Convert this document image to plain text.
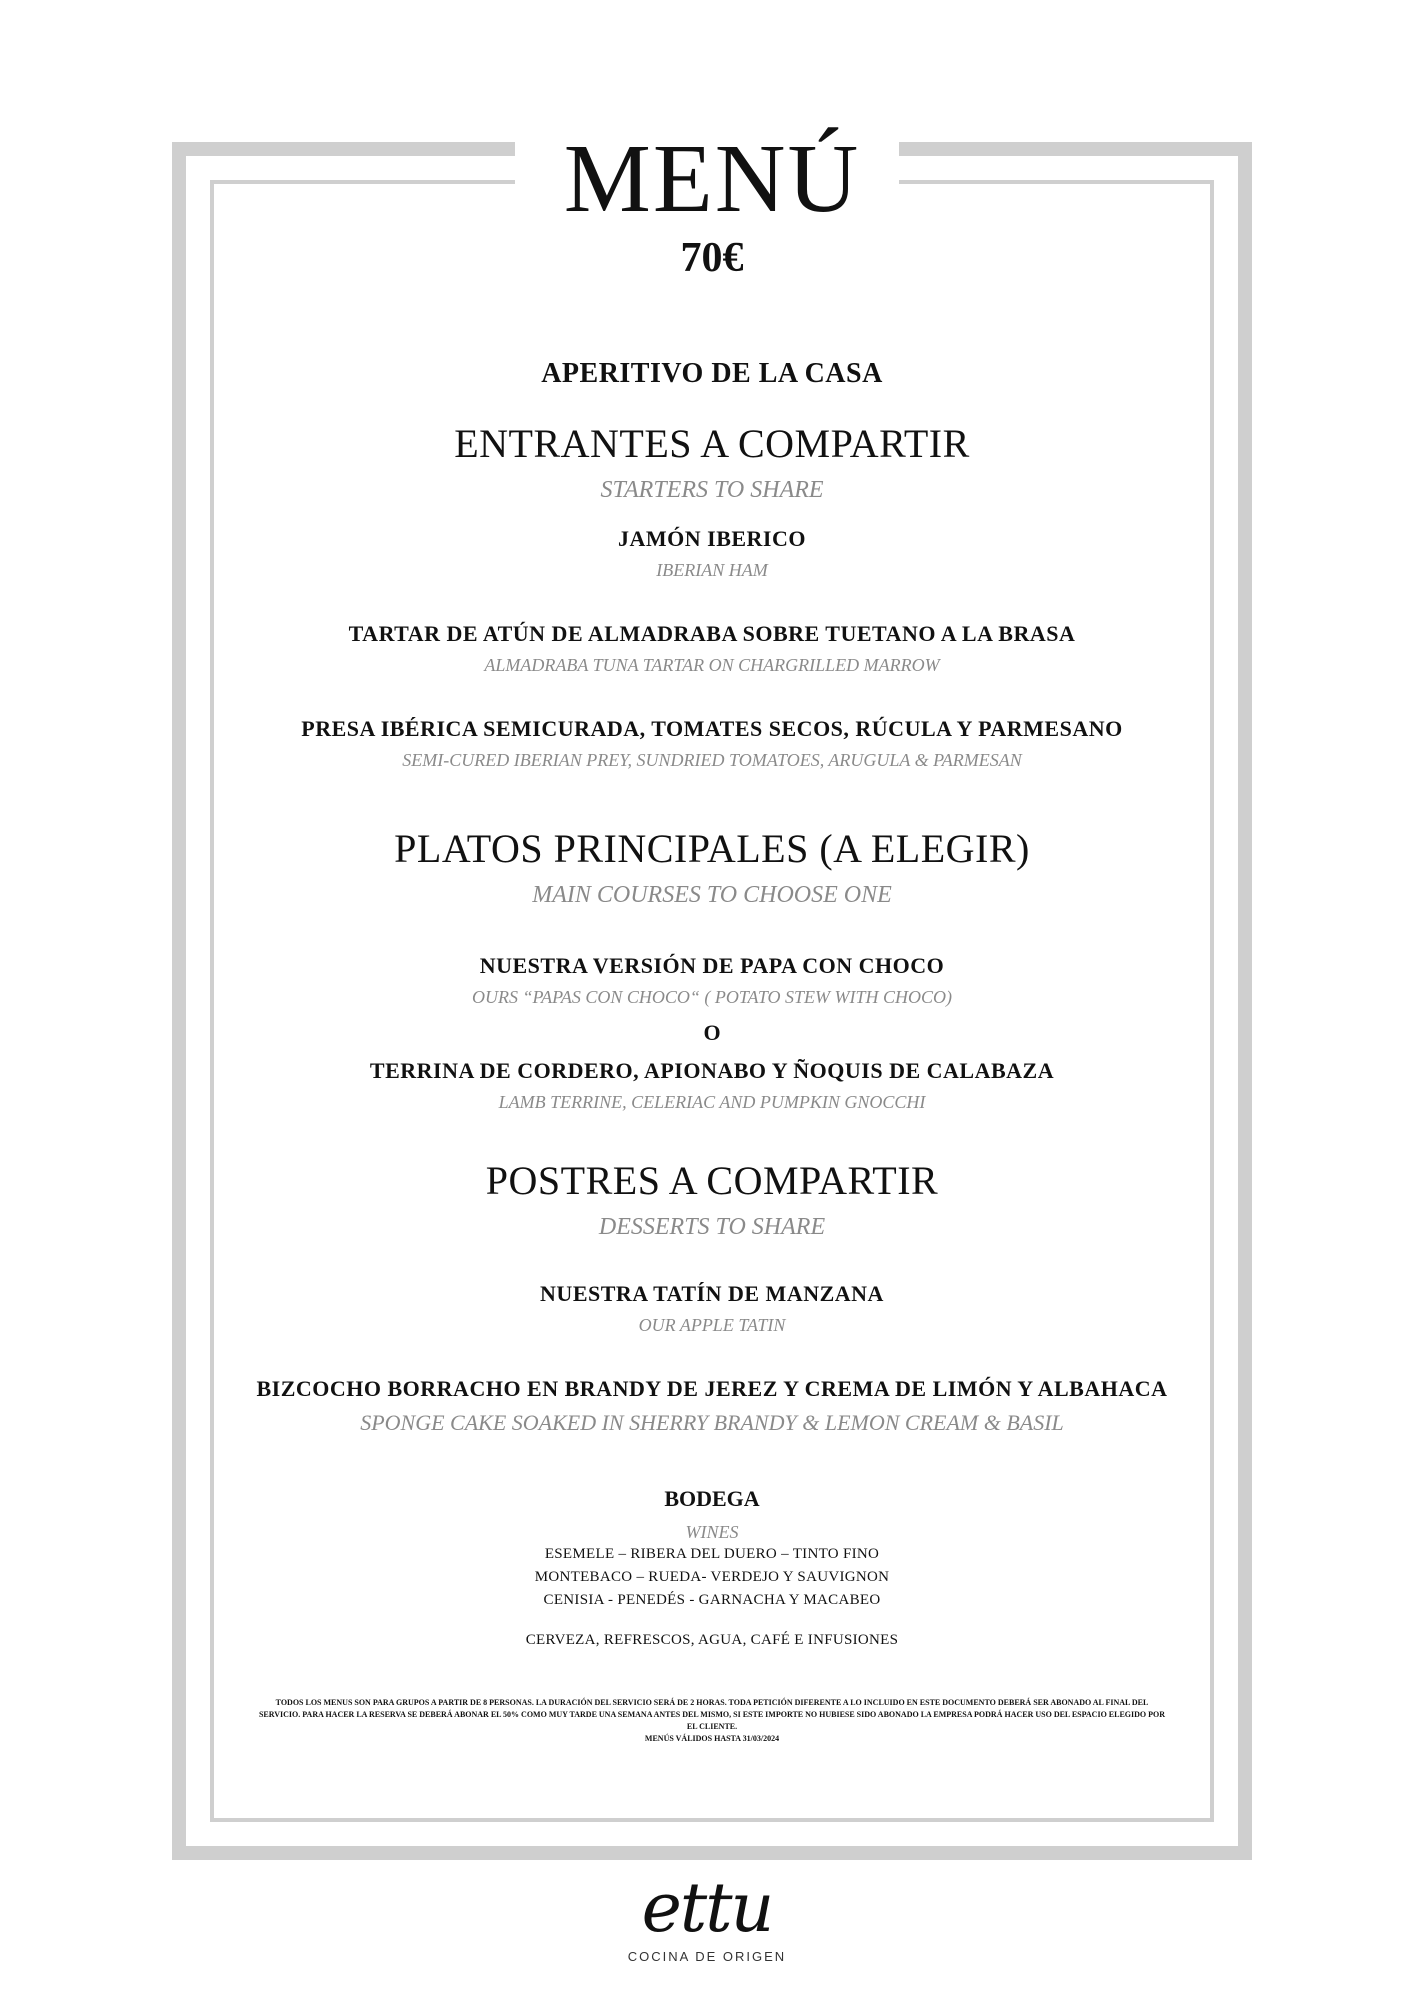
MENÚ
70€
APERITIVO DE LA CASA
ENTRANTES A COMPARTIR
STARTERS TO SHARE
JAMÓN IBERICO
IBERIAN HAM
TARTAR DE ATÚN DE ALMADRABA SOBRE TUETANO A LA BRASA
ALMADRABA TUNA TARTAR ON CHARGRILLED MARROW
PRESA IBÉRICA SEMICURADA, TOMATES SECOS, RÚCULA Y PARMESANO
SEMI-CURED IBERIAN PREY, SUNDRIED TOMATOES, ARUGULA & PARMESAN
PLATOS PRINCIPALES (A ELEGIR)
MAIN COURSES TO CHOOSE ONE
NUESTRA VERSIÓN DE PAPA CON CHOCO
OURS “PAPAS CON CHOCO“ ( POTATO STEW WITH CHOCO)
O
TERRINA DE CORDERO, APIONABO Y ÑOQUIS DE CALABAZA
LAMB TERRINE, CELERIAC AND PUMPKIN GNOCCHI
POSTRES A COMPARTIR
DESSERTS TO SHARE
NUESTRA TATÍN DE MANZANA
OUR APPLE TATIN
BIZCOCHO BORRACHO EN BRANDY DE JEREZ Y CREMA DE LIMÓN Y ALBAHACA
SPONGE CAKE SOAKED IN SHERRY BRANDY & LEMON CREAM & BASIL
BODEGA
WINES
ESEMELE – RIBERA DEL DUERO – TINTO FINO
MONTEBACO – RUEDA- VERDEJO Y SAUVIGNON
CENISIA - PENEDÉS - GARNACHA Y MACABEO
CERVEZA, REFRESCOS, AGUA, CAFÉ E INFUSIONES
TODOS LOS MENUS SON PARA GRUPOS A PARTIR DE 8 PERSONAS. LA DURACIÓN DEL SERVICIO SERÁ DE 2 HORAS. TODA PETICIÓN DIFERENTE A LO INCLUIDO EN ESTE DOCUMENTO DEBERÁ SER ABONADO AL FINAL DEL SERVICIO. PARA HACER LA RESERVA SE DEBERÁ ABONAR EL 50% COMO MUY TARDE UNA SEMANA ANTES DEL MISMO, SI ESTE IMPORTE NO HUBIESE SIDO ABONADO LA EMPRESA PODRÁ HACER USO DEL ESPACIO ELEGIDO POR EL CLIENTE.
MENÚS VÁLIDOS HASTA 31/03/2024
ettu
COCINA DE ORIGEN
